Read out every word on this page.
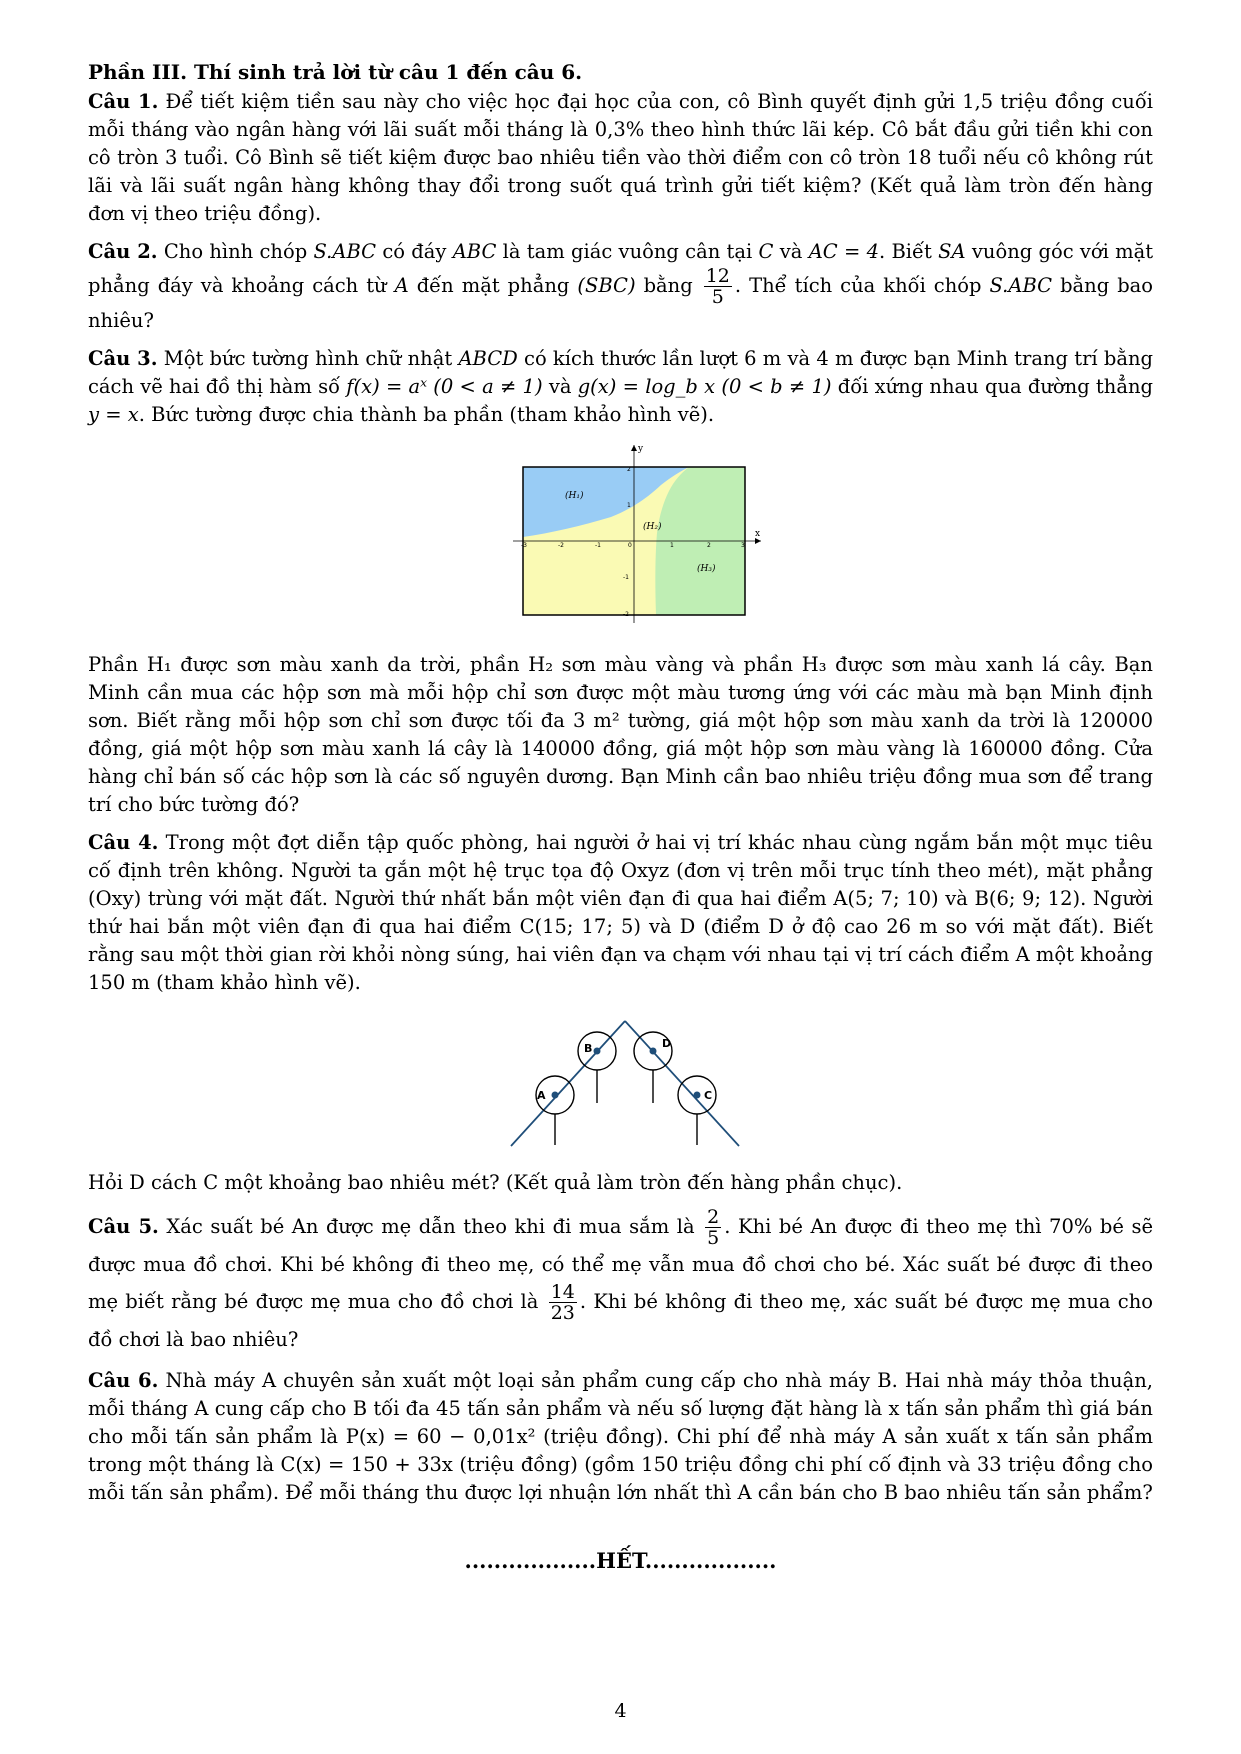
Phần III. Thí sinh trả lời từ câu 1 đến câu 6.

Câu 1. Để tiết kiệm tiền sau này cho việc học đại học của con, cô Bình quyết định gửi 1,5 triệu đồng cuối mỗi tháng vào ngân hàng với lãi suất mỗi tháng là 0,3% theo hình thức lãi kép. Cô bắt đầu gửi tiền khi con cô tròn 3 tuổi. Cô Bình sẽ tiết kiệm được bao nhiêu tiền vào thời điểm con cô tròn 18 tuổi nếu cô không rút lãi và lãi suất ngân hàng không thay đổi trong suốt quá trình gửi tiết kiệm? (Kết quả làm tròn đến hàng đơn vị theo triệu đồng).

Câu 2. Cho hình chóp S.ABC có đáy ABC là tam giác vuông cân tại C và AC = 4. Biết SA vuông góc với mặt phẳng đáy và khoảng cách từ A đến mặt phẳng (SBC) bằng $\frac{12}{5}$ . Thể tích của khối chóp S.ABC bằng bao nhiêu?

Câu 3. Một bức tường hình chữ nhật ABCD có kích thước lần lượt 6 m và 4 m được bạn Minh trang trí bằng cách vẽ hai đồ thị hàm số f(x) = aˣ (0 < a ≠ 1) và g(x) = log_b x (0 < b ≠ 1) đối xứng nhau qua đường thẳng y = x. Bức tường được chia thành ba phần (tham khảo hình vẽ).

x
y
-3	-2	-1	0	1	2	3
2
1
-1
-2
(H₁)
(H₂)
(H₃)

Phần H₁ được sơn màu xanh da trời, phần H₂ sơn màu vàng và phần H₃ được sơn màu xanh lá cây. Bạn Minh cần mua các hộp sơn mà mỗi hộp chỉ sơn được một màu tương ứng với các màu mà bạn Minh định sơn. Biết rằng mỗi hộp sơn chỉ sơn được tối đa 3 m² tường, giá một hộp sơn màu xanh da trời là 120000 đồng, giá một hộp sơn màu xanh lá cây là 140000 đồng, giá một hộp sơn màu vàng là 160000 đồng. Cửa hàng chỉ bán số các hộp sơn là các số nguyên dương. Bạn Minh cần bao nhiêu triệu đồng mua sơn để trang trí cho bức tường đó?

Câu 4. Trong một đợt diễn tập quốc phòng, hai người ở hai vị trí khác nhau cùng ngắm bắn một mục tiêu cố định trên không. Người ta gắn một hệ trục tọa độ Oxyz (đơn vị trên mỗi trục tính theo mét), mặt phẳng (Oxy) trùng với mặt đất. Người thứ nhất bắn một viên đạn đi qua hai điểm A(5; 7; 10) và B(6; 9; 12). Người thứ hai bắn một viên đạn đi qua hai điểm C(15; 17; 5) và D (điểm D ở độ cao 26 m so với mặt đất). Biết rằng sau một thời gian rời khỏi nòng súng, hai viên đạn va chạm với nhau tại vị trí cách điểm A một khoảng 150 m (tham khảo hình vẽ).

A
B	D
C

Hỏi D cách C một khoảng bao nhiêu mét? (Kết quả làm tròn đến hàng phần chục).

Câu 5. Xác suất bé An được mẹ dẫn theo khi đi mua sắm là $\frac{2}{5}$ . Khi bé An được đi theo mẹ thì 70% bé sẽ được mua đồ chơi. Khi bé không đi theo mẹ, có thể mẹ vẫn mua đồ chơi cho bé. Xác suất bé được đi theo mẹ biết rằng bé được mẹ mua cho đồ chơi là $\frac{14}{23}$ . Khi bé không đi theo mẹ, xác suất bé được mẹ mua cho đồ chơi là bao nhiêu?

Câu 6. Nhà máy A chuyên sản xuất một loại sản phẩm cung cấp cho nhà máy B. Hai nhà máy thỏa thuận, mỗi tháng A cung cấp cho B tối đa 45 tấn sản phẩm và nếu số lượng đặt hàng là x tấn sản phẩm thì giá bán cho mỗi tấn sản phẩm là P(x) = 60 − 0,01x² (triệu đồng). Chi phí để nhà máy A sản xuất x tấn sản phẩm trong một tháng là C(x) = 150 + 33x (triệu đồng) (gồm 150 triệu đồng chi phí cố định và 33 triệu đồng cho mỗi tấn sản phẩm). Để mỗi tháng thu được lợi nhuận lớn nhất thì A cần bán cho B bao nhiêu tấn sản phẩm?

..................HẾT..................

4
